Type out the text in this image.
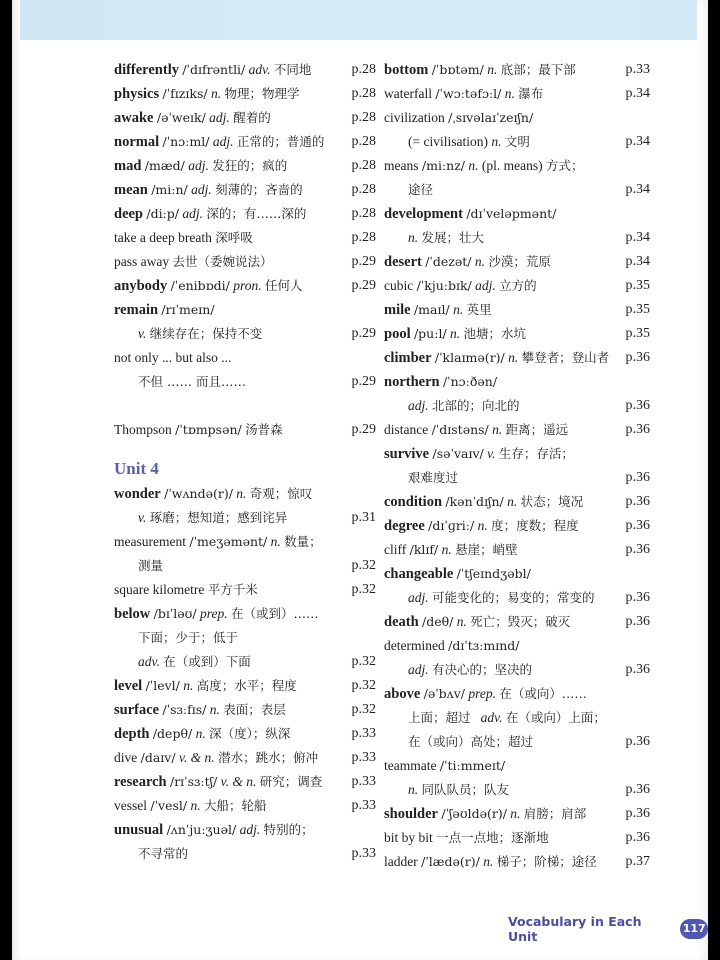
differently /ˈdɪfrəntli/ adv. 不同地	p.28
physics /ˈfɪzɪks/ n. 物理；物理学	p.28
awake /əˈweɪk/ adj. 醒着的	p.28
normal /ˈnɔːml/ adj. 正常的；普通的 p.28
mad /mæd/ adj. 发狂的；疯的	p.28
mean /miːn/ adj. 刻薄的；吝啬的	p.28
deep /diːp/ adj. 深的；有……深的	p.28
take a deep breath 深呼吸	p.28
pass away 去世（委婉说法）	p.29
anybody /ˈenibɒdi/ pron. 任何人	p.29
remain /rɪˈmeɪn/
v. 继续存在；保持不变	p.29
not only ... but also ...
不但 …… 而且……	p.29
Thompson /ˈtɒmpsən/ 汤普森	p.29
Unit 4
wonder /ˈwʌndə(r)/ n. 奇观；惊叹
v. 琢磨；想知道；感到诧异	p.31
measurement /ˈmeʒəmənt/ n. 数量；
测量	p.32
square kilometre 平方千米	p.32
below /bɪˈləʊ/ prep. 在（或到）……
下面；少于；低于
adv. 在（或到）下面	p.32
level /ˈlevl/ n. 高度；水平；程度	p.32
surface /ˈsɜːfɪs/ n. 表面；表层	p.32
depth /depθ/ n. 深（度）；纵深	p.33
dive /daɪv/ v. & n. 潜水；跳水；俯冲 p.33
research /rɪˈsɜːtʃ/ v. & n. 研究；调查 p.33
vessel /ˈvesl/ n. 大船；轮船	p.33
unusual /ʌnˈjuːʒuəl/ adj. 特别的；
不寻常的	p.33
bottom /ˈbɒtəm/ n. 底部；最下部	p.33
waterfall /ˈwɔːtəfɔːl/ n. 瀑布	p.34
civilization /ˌsɪvəlaɪˈzeɪʃn/
(= civilisation) n. 文明	p.34
means /miːnz/ n. (pl. means) 方式；
途径	p.34
development /dɪˈveləpmənt/
n. 发展；壮大	p.34
desert /ˈdezət/ n. 沙漠；荒原	p.34
cubic /ˈkjuːbɪk/ adj. 立方的	p.35
mile /maɪl/ n. 英里	p.35
pool /puːl/ n. 池塘；水坑	p.35
climber /ˈklaɪmə(r)/ n. 攀登者；登山者 p.36
northern /ˈnɔːðən/
adj. 北部的；向北的	p.36
distance /ˈdɪstəns/ n. 距离；遥远	p.36
survive /səˈvaɪv/ v. 生存；存活；
艰难度过	p.36
condition /kənˈdɪʃn/ n. 状态；境况	p.36
degree /dɪˈɡriː/ n. 度；度数；程度	p.36
cliff /klɪf/ n. 悬崖；峭壁	p.36
changeable /ˈtʃeɪndʒəbl/
adj. 可能变化的；易变的；常变的 p.36
death /deθ/ n. 死亡；毁灭；破灭	p.36
determined /dɪˈtɜːmɪnd/
adj. 有决心的；坚决的	p.36
above /əˈbʌv/ prep. 在（或向）……
上面；超过 adv. 在（或向）上面；
在（或向）高处；超过	p.36
teammate /ˈtiːmmeɪt/
n. 同队队员；队友	p.36
shoulder /ˈʃəʊldə(r)/ n. 肩膀；肩部	p.36
bit by bit 一点一点地；逐渐地	p.36
ladder /ˈlædə(r)/ n. 梯子；阶梯；途径 p.37
Vocabulary in Each Unit
117
